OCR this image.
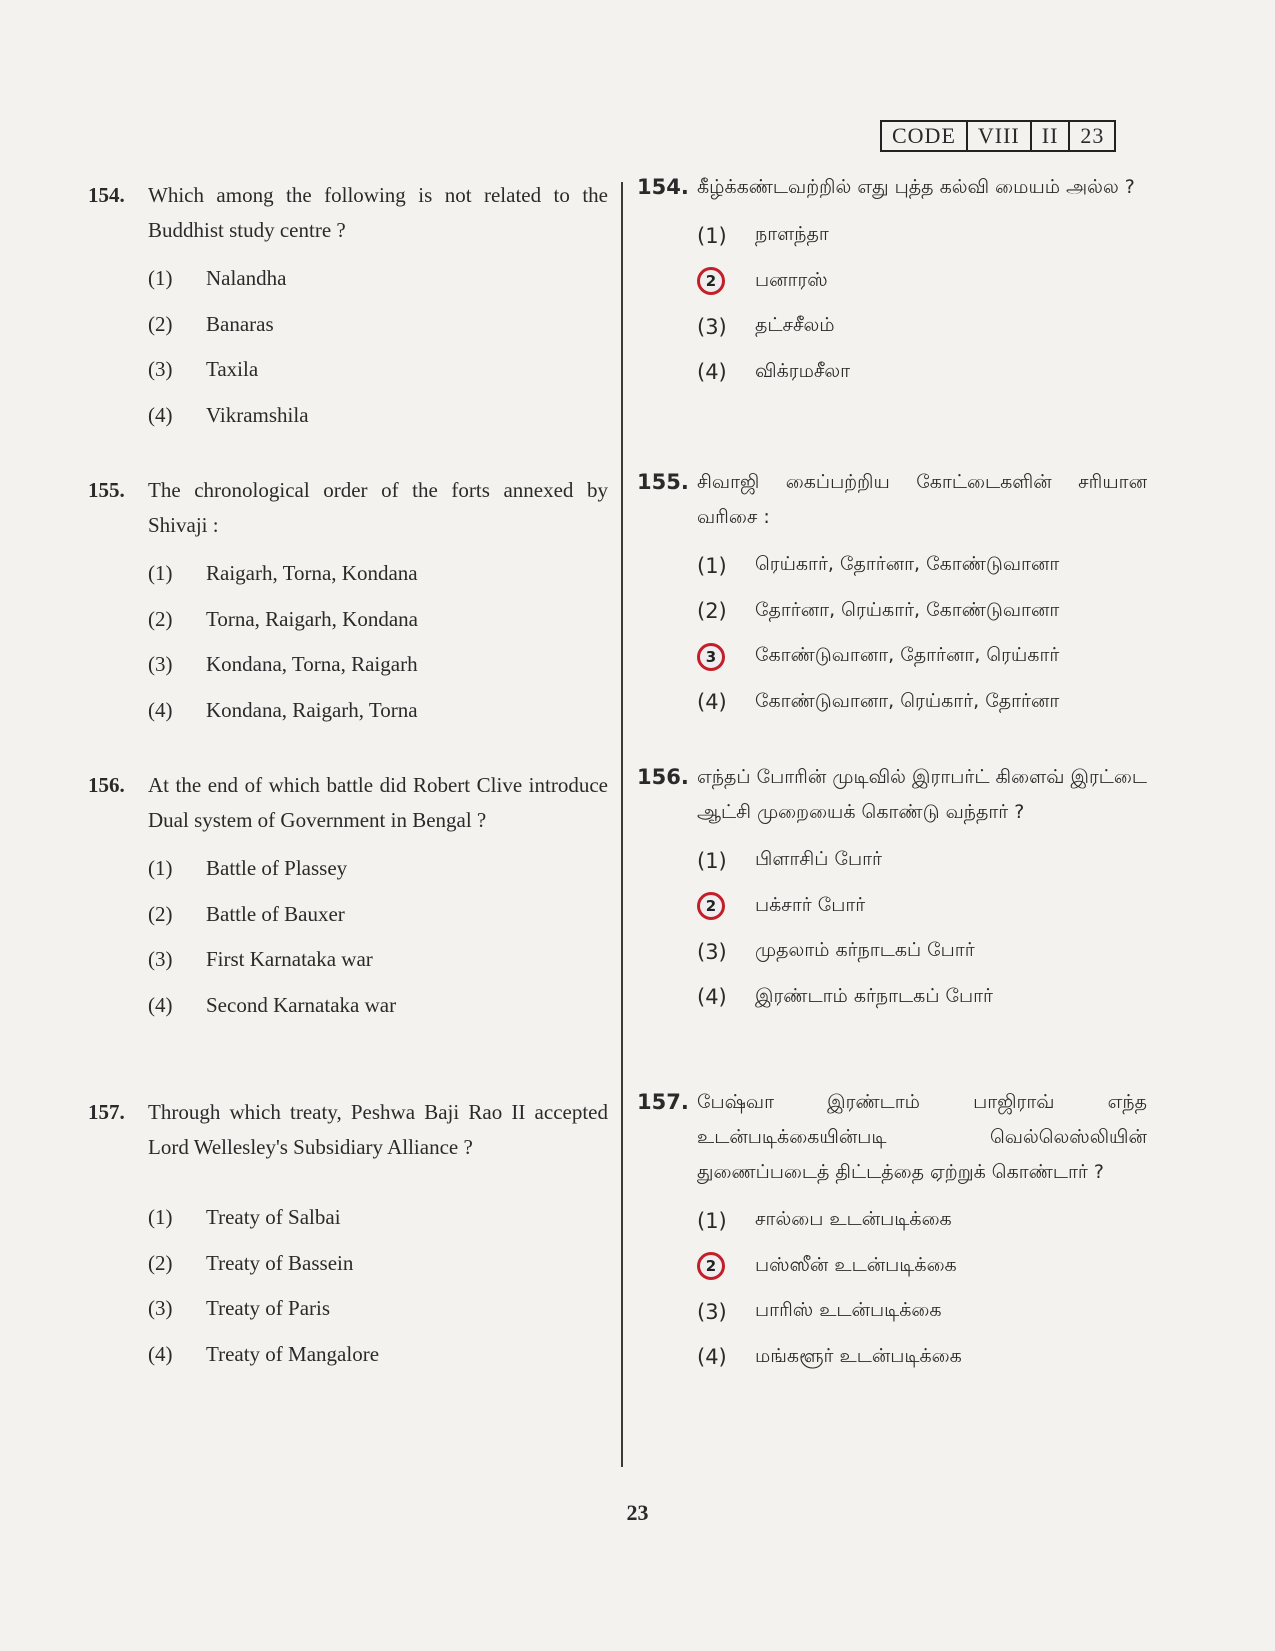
CODE	VIII	II	23
154.	Which among the following is not related to the Buddhist study centre ?
(1)	Nalandha
(2)	Banaras
(3)	Taxila
(4)	Vikramshila
155.	The chronological order of the forts annexed by Shivaji :
(1)	Raigarh, Torna, Kondana
(2)	Torna, Raigarh, Kondana
(3)	Kondana, Torna, Raigarh
(4)	Kondana, Raigarh, Torna
156.	At the end of which battle did Robert Clive introduce Dual system of Government in Bengal ?
(1)	Battle of Plassey
(2)	Battle of Bauxer
(3)	First Karnataka war
(4)	Second Karnataka war
157.	Through which treaty, Peshwa Baji Rao II accepted Lord Wellesley's Subsidiary Alliance ?
(1)	Treaty of Salbai
(2)	Treaty of Bassein
(3)	Treaty of Paris
(4)	Treaty of Mangalore
154. கீழ்க்கண்டவற்றில் எது புத்த கல்வி மையம் அல்ல ?
(1)	நாளந்தா
2	பனாரஸ்
(3)	தட்சசீலம்
(4)	விக்ரமசீலா
155. சிவாஜி கைப்பற்றிய கோட்டைகளின் சரியான வரிசை :
(1)	ரெய்கார், தோர்னா, கோண்டுவானா
(2)	தோர்னா, ரெய்கார், கோண்டுவானா
3	கோண்டுவானா, தோர்னா, ரெய்கார்
(4)	கோண்டுவானா, ரெய்கார், தோர்னா
156. எந்தப் போரின் முடிவில் இராபர்ட் கிளைவ் இரட்டை ஆட்சி முறையைக் கொண்டு வந்தார் ?
(1)	பிளாசிப் போர்
2	பக்சார் போர்
(3)	முதலாம் கர்நாடகப் போர்
(4)	இரண்டாம் கர்நாடகப் போர்
157. பேஷ்வா இரண்டாம் பாஜிராவ் எந்த உடன்படிக்கையின்படி வெல்லெஸ்லியின் துணைப்படைத் திட்டத்தை ஏற்றுக் கொண்டார் ?
(1)	சால்பை உடன்படிக்கை
2	பஸ்ஸீன் உடன்படிக்கை
(3)	பாரிஸ் உடன்படிக்கை
(4)	மங்களூர் உடன்படிக்கை
23
